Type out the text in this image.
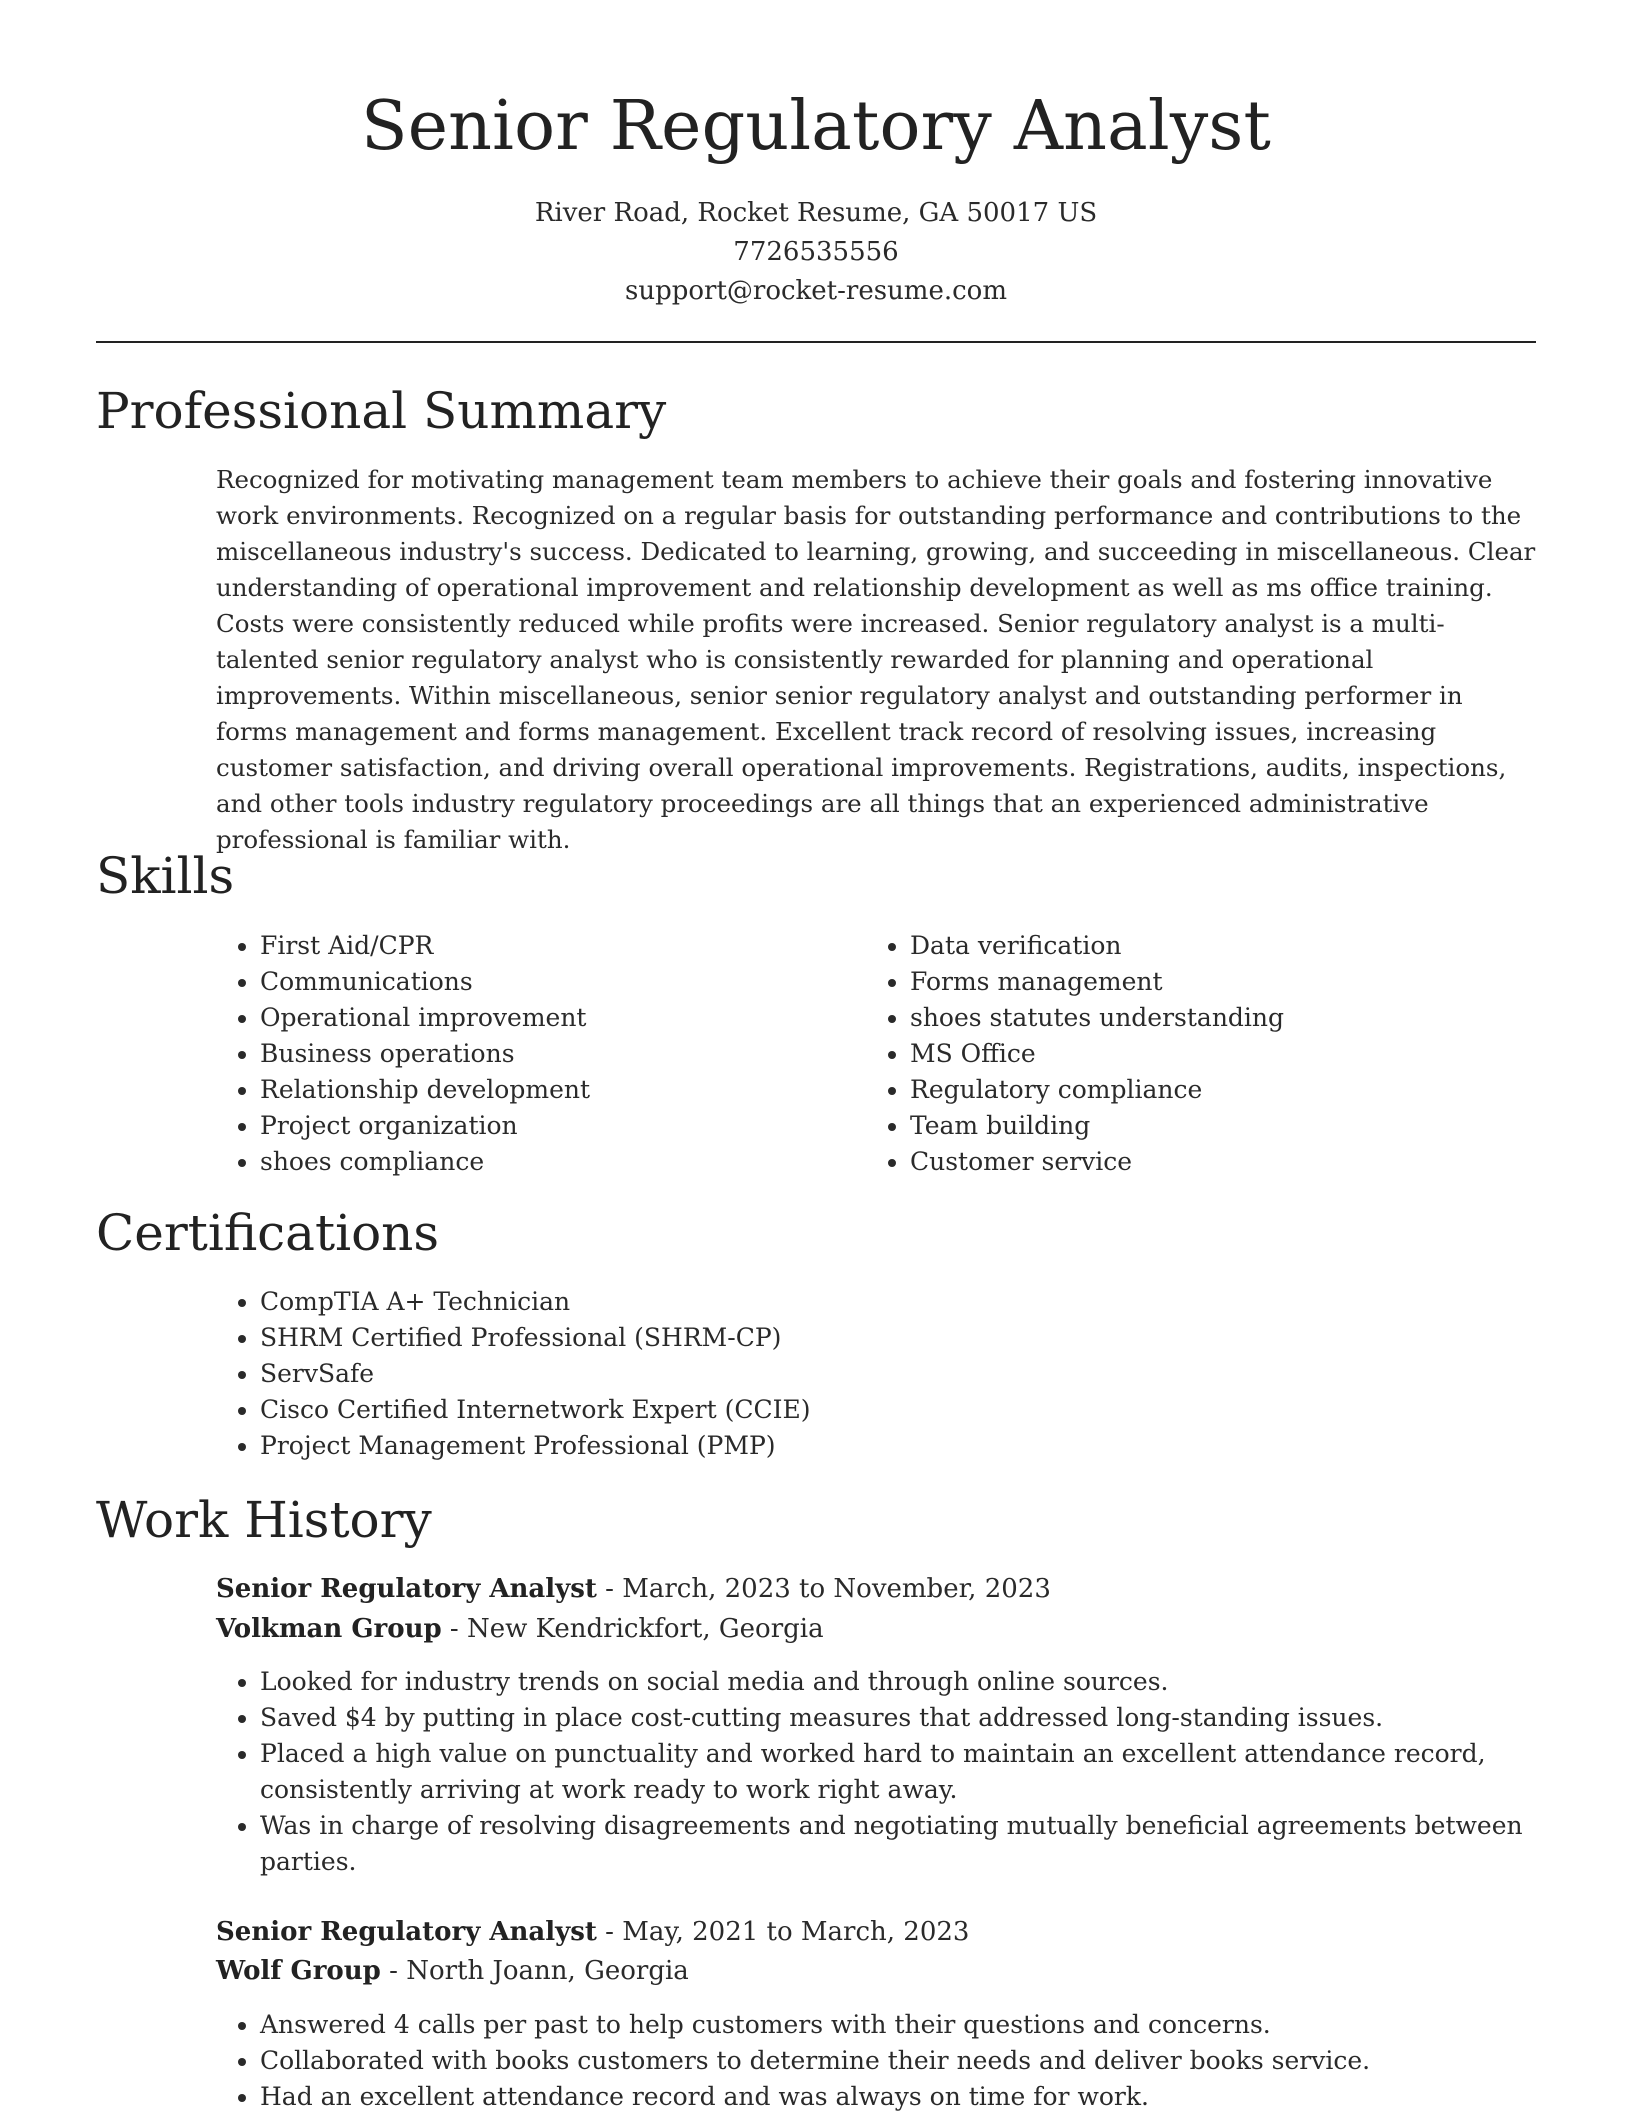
Senior Regulatory Analyst
River Road, Rocket Resume, GA 50017 US
7726535556
support@rocket-resume.com
Professional Summary

Recognized for motivating management team members to achieve their goals and fostering innovative work environments. Recognized on a regular basis for outstanding performance and contributions to the miscellaneous industry's success. Dedicated to learning, growing, and succeeding in miscellaneous. Clear understanding of operational improvement and relationship development as well as ms office training. Costs were consistently reduced while profits were increased. Senior regulatory analyst is a multi-talented senior regulatory analyst who is consistently rewarded for planning and operational improvements. Within miscellaneous, senior senior regulatory analyst and outstanding performer in forms management and forms management. Excellent track record of resolving issues, increasing customer satisfaction, and driving overall operational improvements. Registrations, audits, inspections, and other tools industry regulatory proceedings are all things that an experienced administrative professional is familiar with.

Skills
• First Aid/CPR
• Communications
• Operational improvement
• Business operations
• Relationship development
• Project organization
• shoes compliance
• Data verification
• Forms management
• shoes statutes understanding
• MS Office
• Regulatory compliance
• Team building
• Customer service
Certifications
• CompTIA A+ Technician
• SHRM Certified Professional (SHRM-CP)
• ServSafe
• Cisco Certified Internetwork Expert (CCIE)
• Project Management Professional (PMP)
Work History
Senior Regulatory Analyst - March, 2023 to November, 2023
Volkman Group - New Kendrickfort, Georgia
• Looked for industry trends on social media and through online sources.
• Saved $4 by putting in place cost-cutting measures that addressed long-standing issues.
• Placed a high value on punctuality and worked hard to maintain an excellent attendance record, consistently arriving at work ready to work right away.
• Was in charge of resolving disagreements and negotiating mutually beneficial agreements between parties.
Senior Regulatory Analyst - May, 2021 to March, 2023
Wolf Group - North Joann, Georgia
• Answered 4 calls per past to help customers with their questions and concerns.
• Collaborated with books customers to determine their needs and deliver books service.
• Had an excellent attendance record and was always on time for work.
